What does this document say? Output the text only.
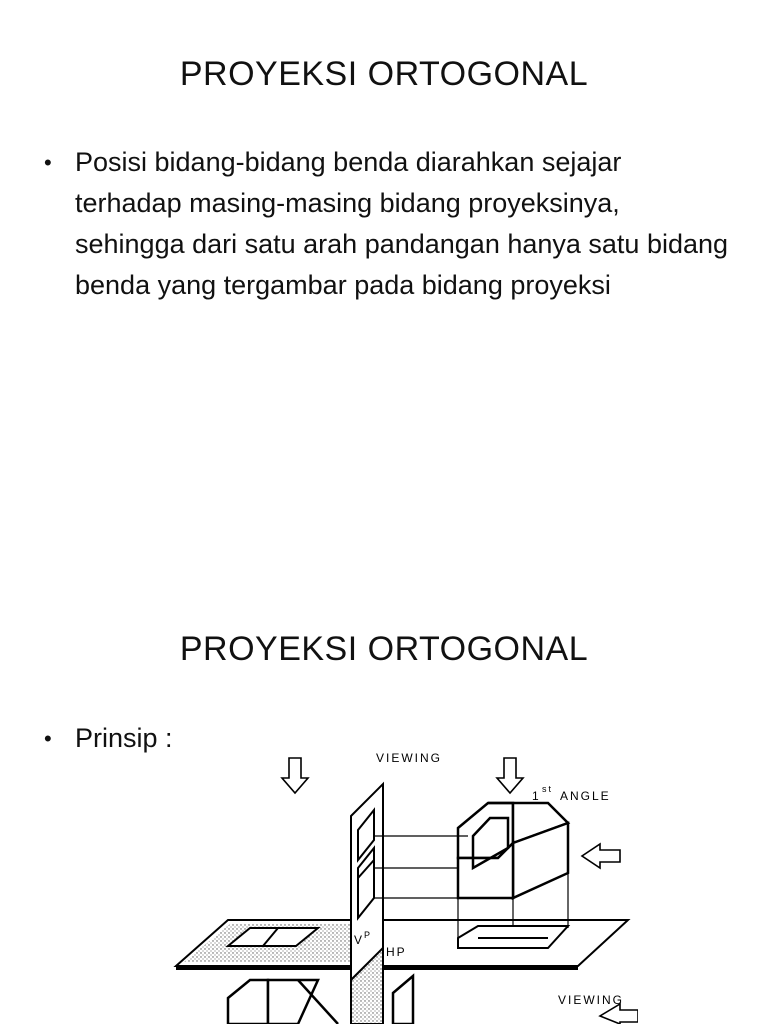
PROYEKSI ORTOGONAL
• Posisi bidang-bidang benda diarahkan sejajar terhadap masing-masing bidang proyeksinya, sehingga dari satu arah pandangan hanya satu bidang benda yang tergambar pada bidang proyeksi
PROYEKSI ORTOGONAL
• Prinsip :
VIEWING
1 st ANGLE
V P
HP
VIEWING
